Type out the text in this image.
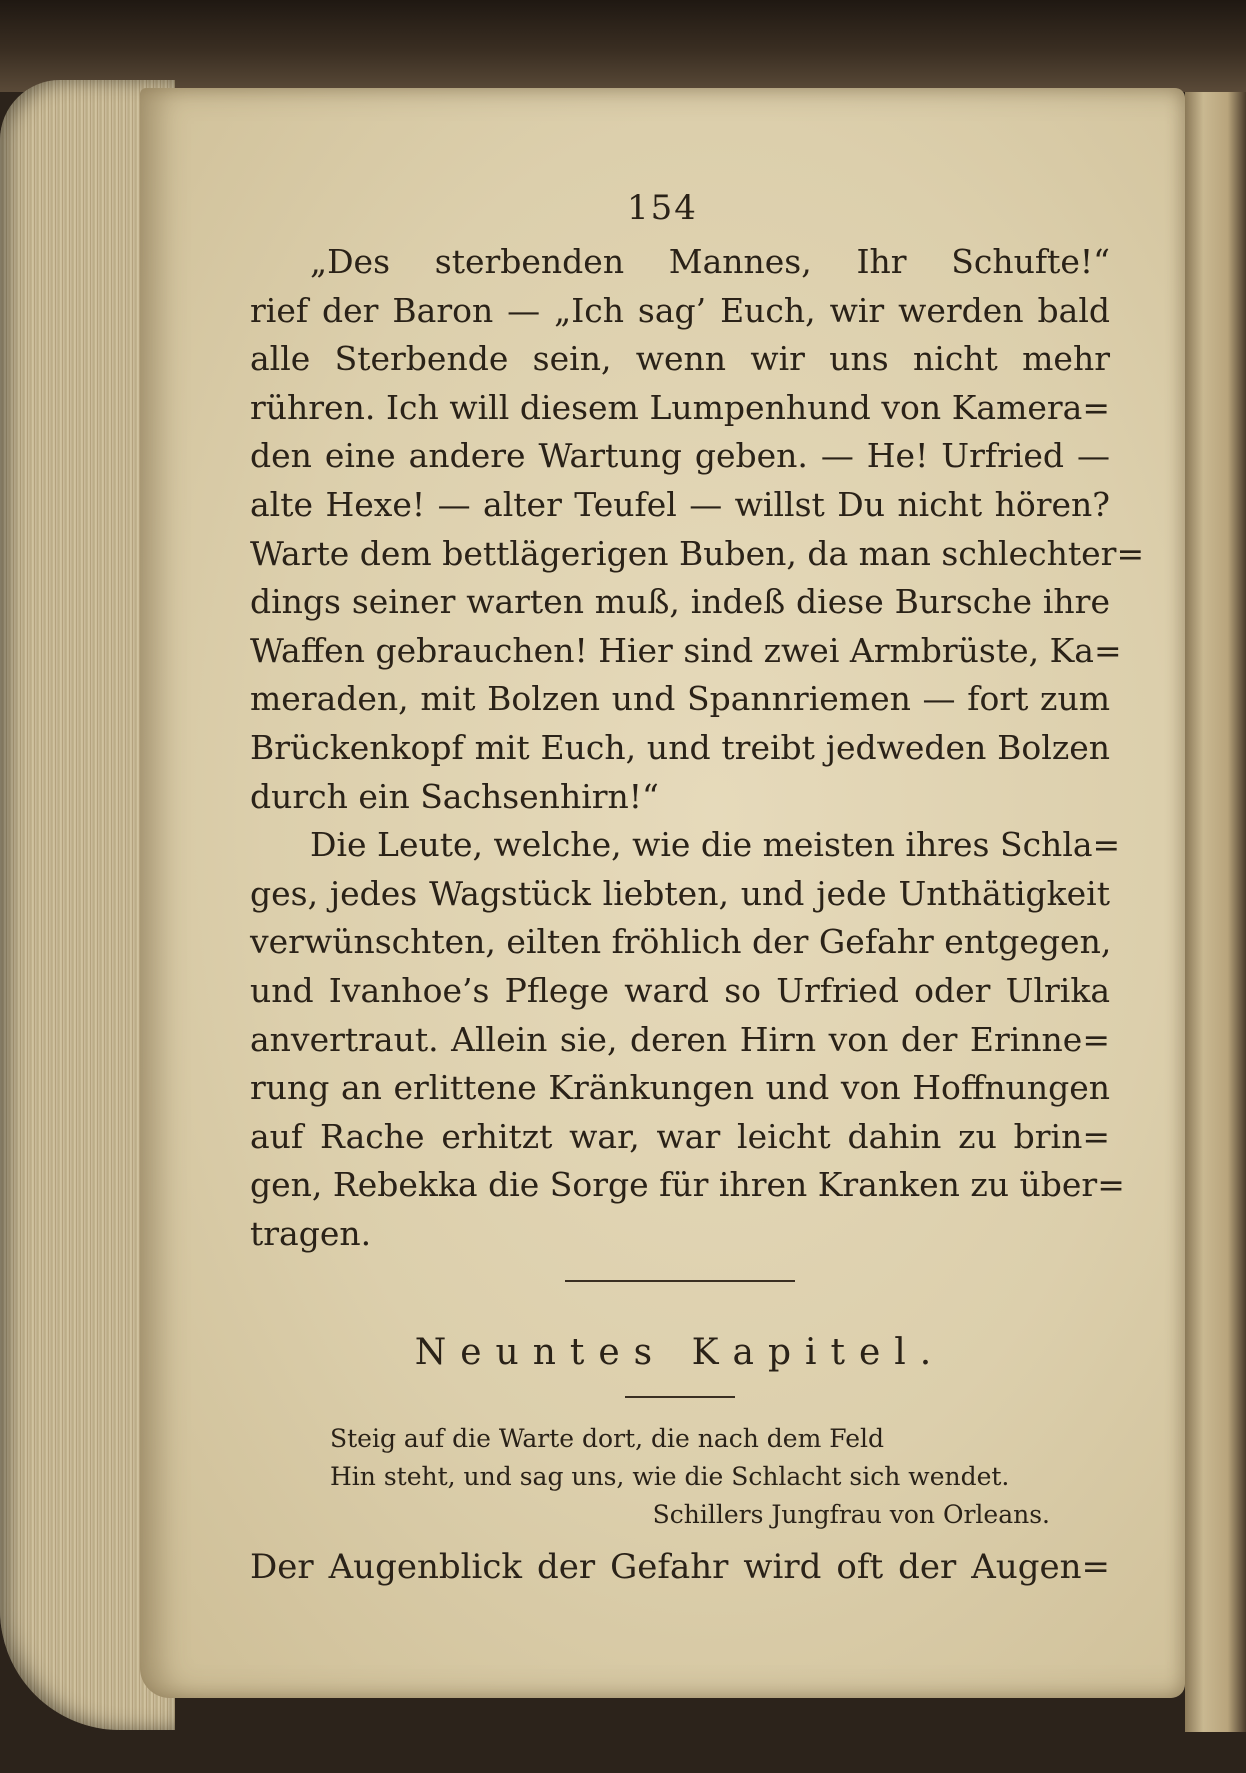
154
„Des sterbenden Mannes, Ihr Schufte!“
rief der Baron — „Ich sag’ Euch, wir werden bald
alle Sterbende sein, wenn wir uns nicht mehr
rühren. Ich will diesem Lumpenhund von Kamera=
den eine andere Wartung geben. — He! Urfried —
alte Hexe! — alter Teufel — willst Du nicht hören?
Warte dem bettlägerigen Buben, da man schlechter=
dings seiner warten muß, indeß diese Bursche ihre
Waffen gebrauchen! Hier sind zwei Armbrüste, Ka=
meraden, mit Bolzen und Spannriemen — fort zum
Brückenkopf mit Euch, und treibt jedweden Bolzen
durch ein Sachsenhirn!“
Die Leute, welche, wie die meisten ihres Schla=
ges, jedes Wagstück liebten, und jede Unthätigkeit
verwünschten, eilten fröhlich der Gefahr entgegen,
und Ivanhoe’s Pflege ward so Urfried oder Ulrika
anvertraut. Allein sie, deren Hirn von der Erinne=
rung an erlittene Kränkungen und von Hoffnungen
auf Rache erhitzt war, war leicht dahin zu brin=
gen, Rebekka die Sorge für ihren Kranken zu über=
tragen.
Neuntes Kapitel.
Steig auf die Warte dort, die nach dem Feld
Hin steht, und sag uns, wie die Schlacht sich wendet.
Schillers Jungfrau von Orleans.
Der Augenblick der Gefahr wird oft der Augen=
